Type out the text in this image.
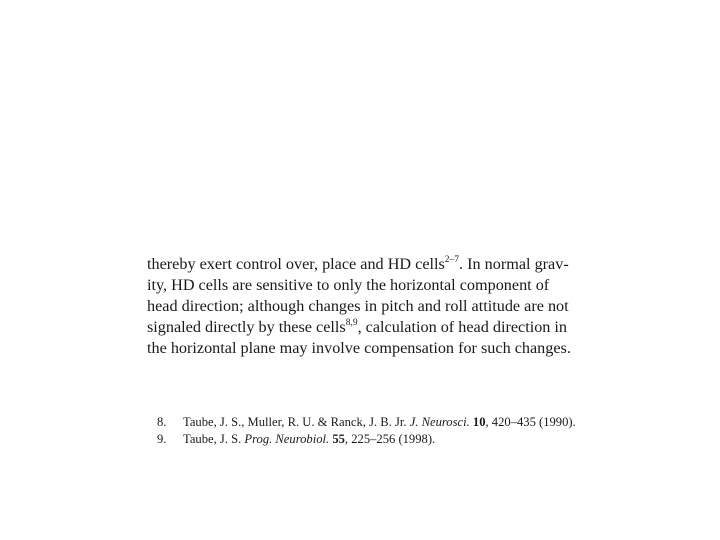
thereby exert control over, place and HD cells$^{2-7}$. In normal grav-
ity, HD cells are sensitive to only the horizontal component of
head direction; although changes in pitch and roll attitude are not
signaled directly by these cells$^{8,9}$, calculation of head direction in
the horizontal plane may involve compensation for such changes.
8. Taube, J. S., Muller, R. U. & Ranck, J. B. Jr. J. Neurosci. 10, 420–435 (1990).
9. Taube, J. S. Prog. Neurobiol. 55, 225–256 (1998).
